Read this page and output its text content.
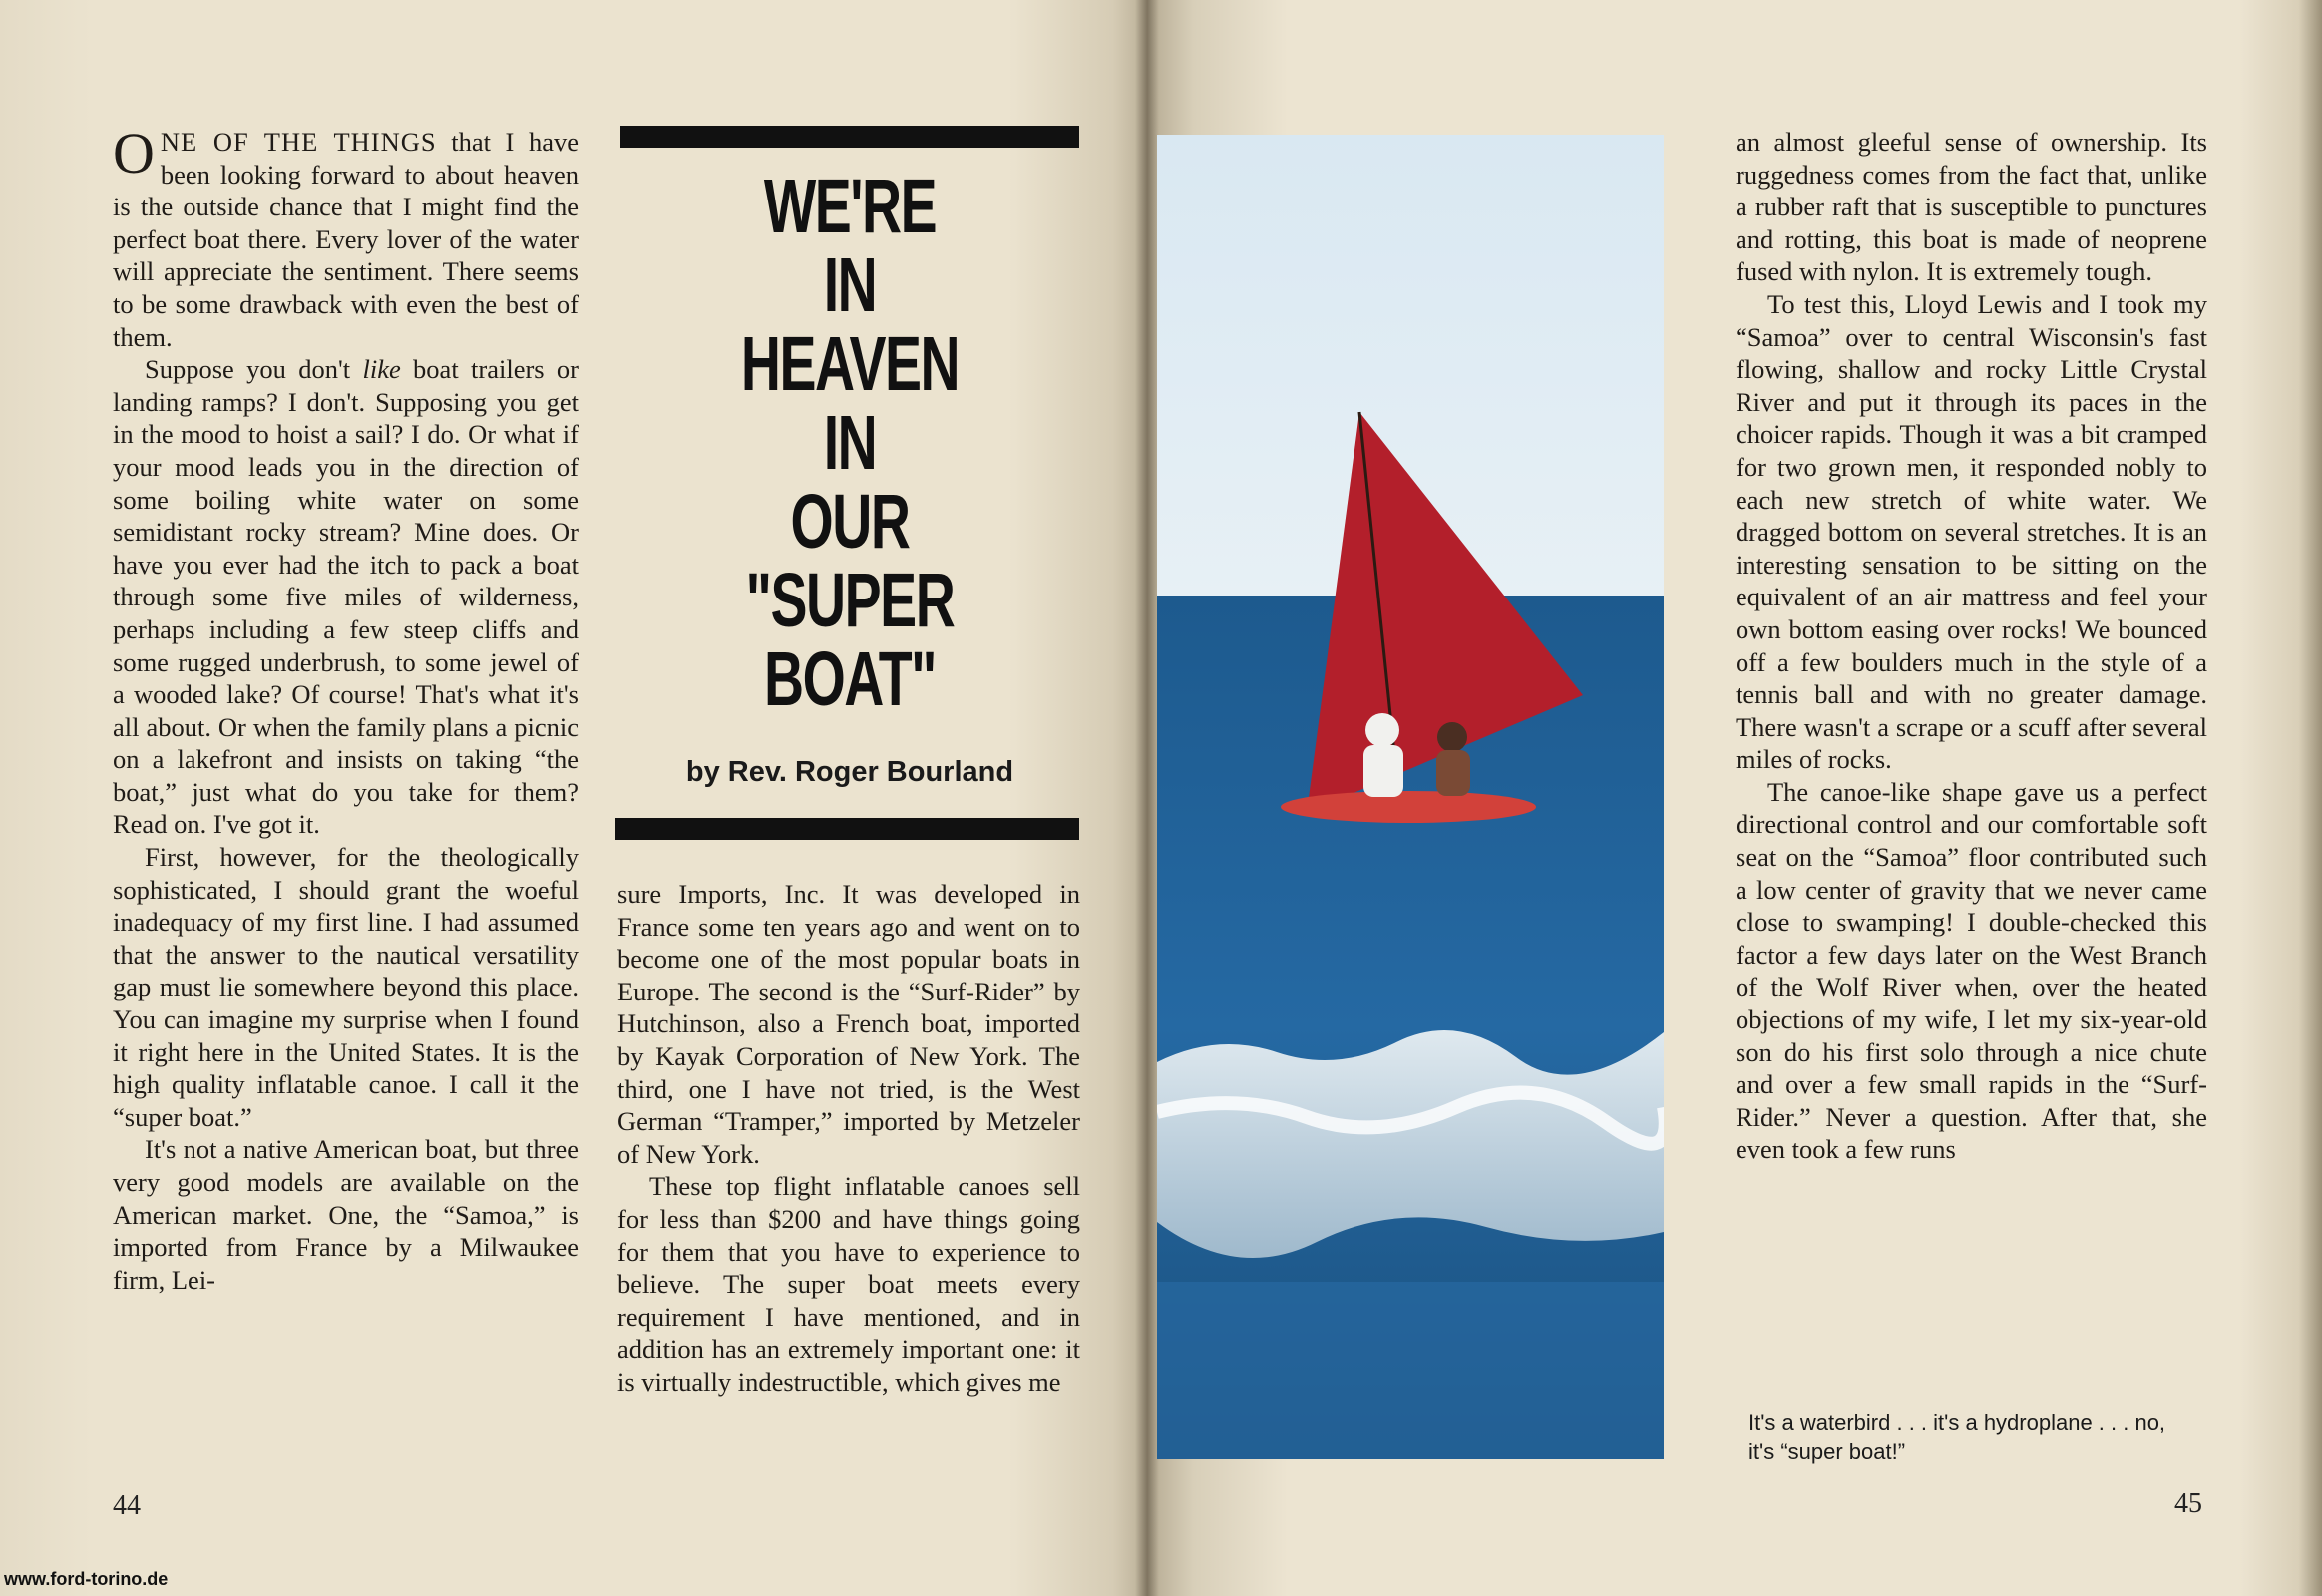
ONE OF THE THINGS that I have been looking forward to about heaven is the outside chance that I might find the perfect boat there. Every lover of the water will appreciate the sentiment. There seems to be some drawback with even the best of them.

Suppose you don't like boat trailers or landing ramps? I don't. Supposing you get in the mood to hoist a sail? I do. Or what if your mood leads you in the direction of some boiling white water on some semidistant rocky stream? Mine does. Or have you ever had the itch to pack a boat through some five miles of wilderness, perhaps including a few steep cliffs and some rugged underbrush, to some jewel of a wooded lake? Of course! That's what it's all about. Or when the family plans a picnic on a lakefront and insists on taking “the boat,” just what do you take for them? Read on. I've got it.

First, however, for the theologically sophisticated, I should grant the woeful inadequacy of my first line. I had assumed that the answer to the nautical versatility gap must lie somewhere beyond this place. You can imagine my surprise when I found it right here in the United States. It is the high quality inflatable canoe. I call it the “super boat.”

It's not a native American boat, but three very good models are available on the American market. One, the “Samoa,” is imported from France by a Milwaukee firm, Lei-

WE'RE
IN
HEAVEN
IN
OUR
"SUPER BOAT"
by Rev. Roger Bourland

sure Imports, Inc. It was developed in France some ten years ago and went on to become one of the most popular boats in Europe. The second is the “Surf-Rider” by Hutchinson, also a French boat, imported by Kayak Corporation of New York. The third, one I have not tried, is the West German “Tramper,” imported by Metzeler of New York.

These top flight inflatable canoes sell for less than $200 and have things going for them that you have to experience to believe. The super boat meets every requirement I have mentioned, and in addition has an extremely important one: it is virtually indestructible, which gives me

44
www.ford-torino.de

an almost gleeful sense of ownership. Its ruggedness comes from the fact that, unlike a rubber raft that is susceptible to punctures and rotting, this boat is made of neoprene fused with nylon. It is extremely tough.

To test this, Lloyd Lewis and I took my “Samoa” over to central Wisconsin's fast flowing, shallow and rocky Little Crystal River and put it through its paces in the choicer rapids. Though it was a bit cramped for two grown men, it responded nobly to each new stretch of white water. We dragged bottom on several stretches. It is an interesting sensation to be sitting on the equivalent of an air mattress and feel your own bottom easing over rocks! We bounced off a few boulders much in the style of a tennis ball and with no greater damage. There wasn't a scrape or a scuff after several miles of rocks.

The canoe-like shape gave us a perfect directional control and our comfortable soft seat on the “Samoa” floor contributed such a low center of gravity that we never came close to swamping! I double-checked this factor a few days later on the West Branch of the Wolf River when, over the heated objections of my wife, I let my six-year-old son do his first solo through a nice chute and over a few small rapids in the “Surf-Rider.” Never a question. After that, she even took a few runs

45
It's a waterbird . . . it's a hydroplane . . . no, it's “super boat!”
